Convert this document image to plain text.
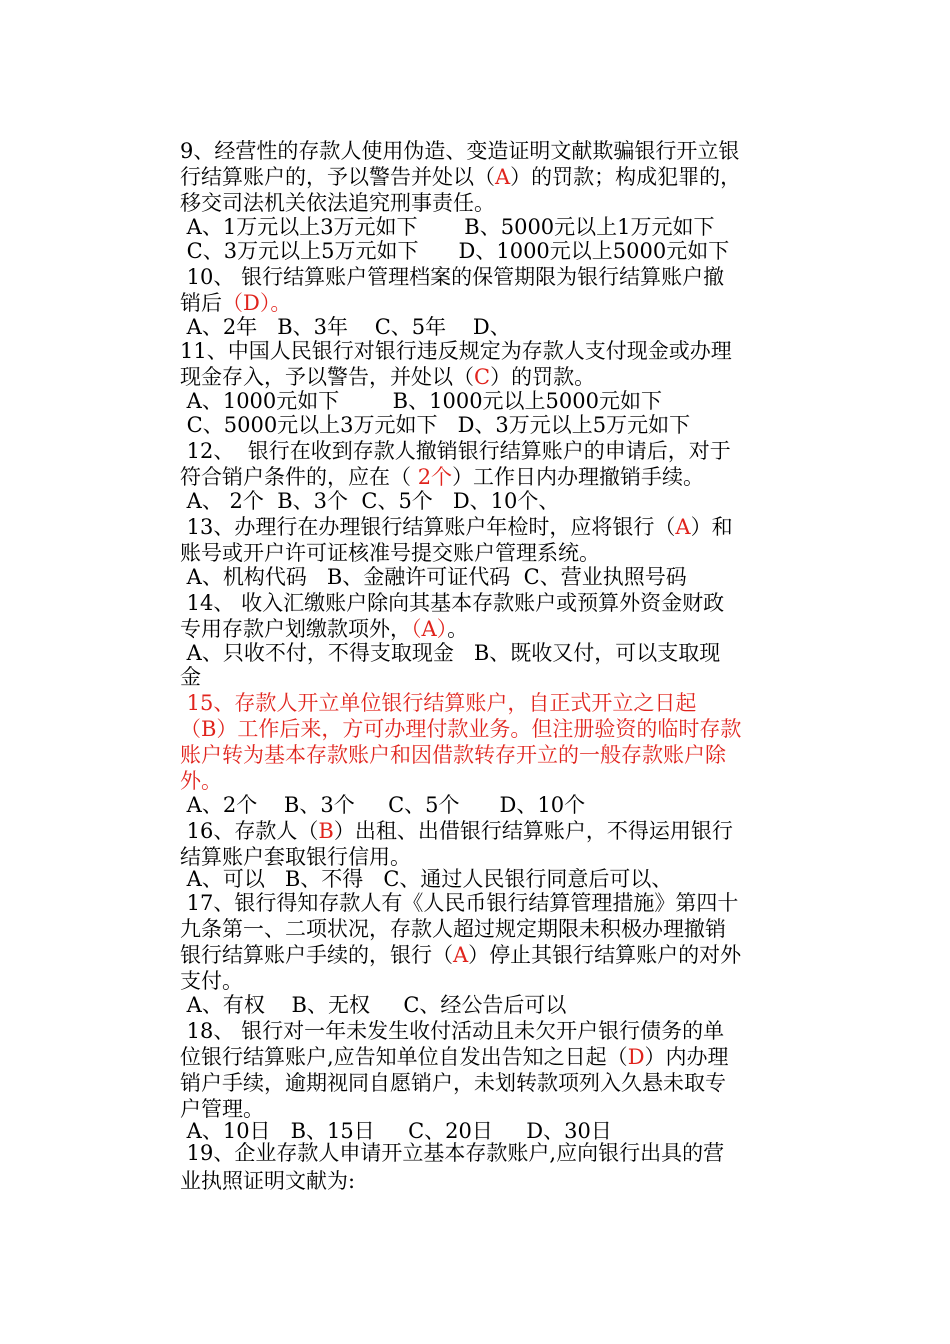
9、经营性的存款人使用伪造、变造证明文献欺骗银行开立银
行结算账户的，予以警告并处以（A）的罚款；构成犯罪的，
移交司法机关依法追究刑事责任。
A、1万元以上3万元如下       B、5000元以上1万元如下
C、3万元以上5万元如下      D、1000元以上5000元如下
10、 银行结算账户管理档案的保管期限为银行结算账户撤
销后（D）。
A、2年   B、3年    C、5年    D、
11、中国人民银行对银行违反规定为存款人支付现金或办理
现金存入，予以警告，并处以（C）的罚款。
A、1000元如下        B、1000元以上5000元如下
C、5000元以上3万元如下   D、3万元以上5万元如下
12、  银行在收到存款人撤销银行结算账户的申请后，对于
符合销户条件的，应在（ 2个）工作日内办理撤销手续。
A、 2个  B、3个  C、5个   D、10个、
13、办理行在办理银行结算账户年检时，应将银行（A）和
账号或开户许可证核准号提交账户管理系统。
A、机构代码   B、金融许可证代码  C、营业执照号码
14、 收入汇缴账户除向其基本存款账户或预算外资金财政
专用存款户划缴款项外，（A）。
A、只收不付，不得支取现金   B、既收又付，可以支取现
金
15、存款人开立单位银行结算账户，自正式开立之日起
（B）工作后来，方可办理付款业务。但注册验资的临时存款
账户转为基本存款账户和因借款转存开立的一般存款账户除
外。
A、2个    B、3个     C、5个      D、10个
16、存款人（B）出租、出借银行结算账户，不得运用银行
结算账户套取银行信用。
A、可以   B、不得   C、通过人民银行同意后可以、
17、银行得知存款人有《人民币银行结算管理措施》第四十
九条第一、二项状况，存款人超过规定期限未积极办理撤销
银行结算账户手续的，银行（A）停止其银行结算账户的对外
支付。
A、有权    B、无权     C、经公告后可以
18、 银行对一年未发生收付活动且未欠开户银行债务的单
位银行结算账户,应告知单位自发出告知之日起（D）内办理
销户手续，逾期视同自愿销户，未划转款项列入久悬未取专
户管理。
A、10日   B、15日     C、20日     D、30日
19、企业存款人申请开立基本存款账户,应向银行出具的营
业执照证明文献为:
